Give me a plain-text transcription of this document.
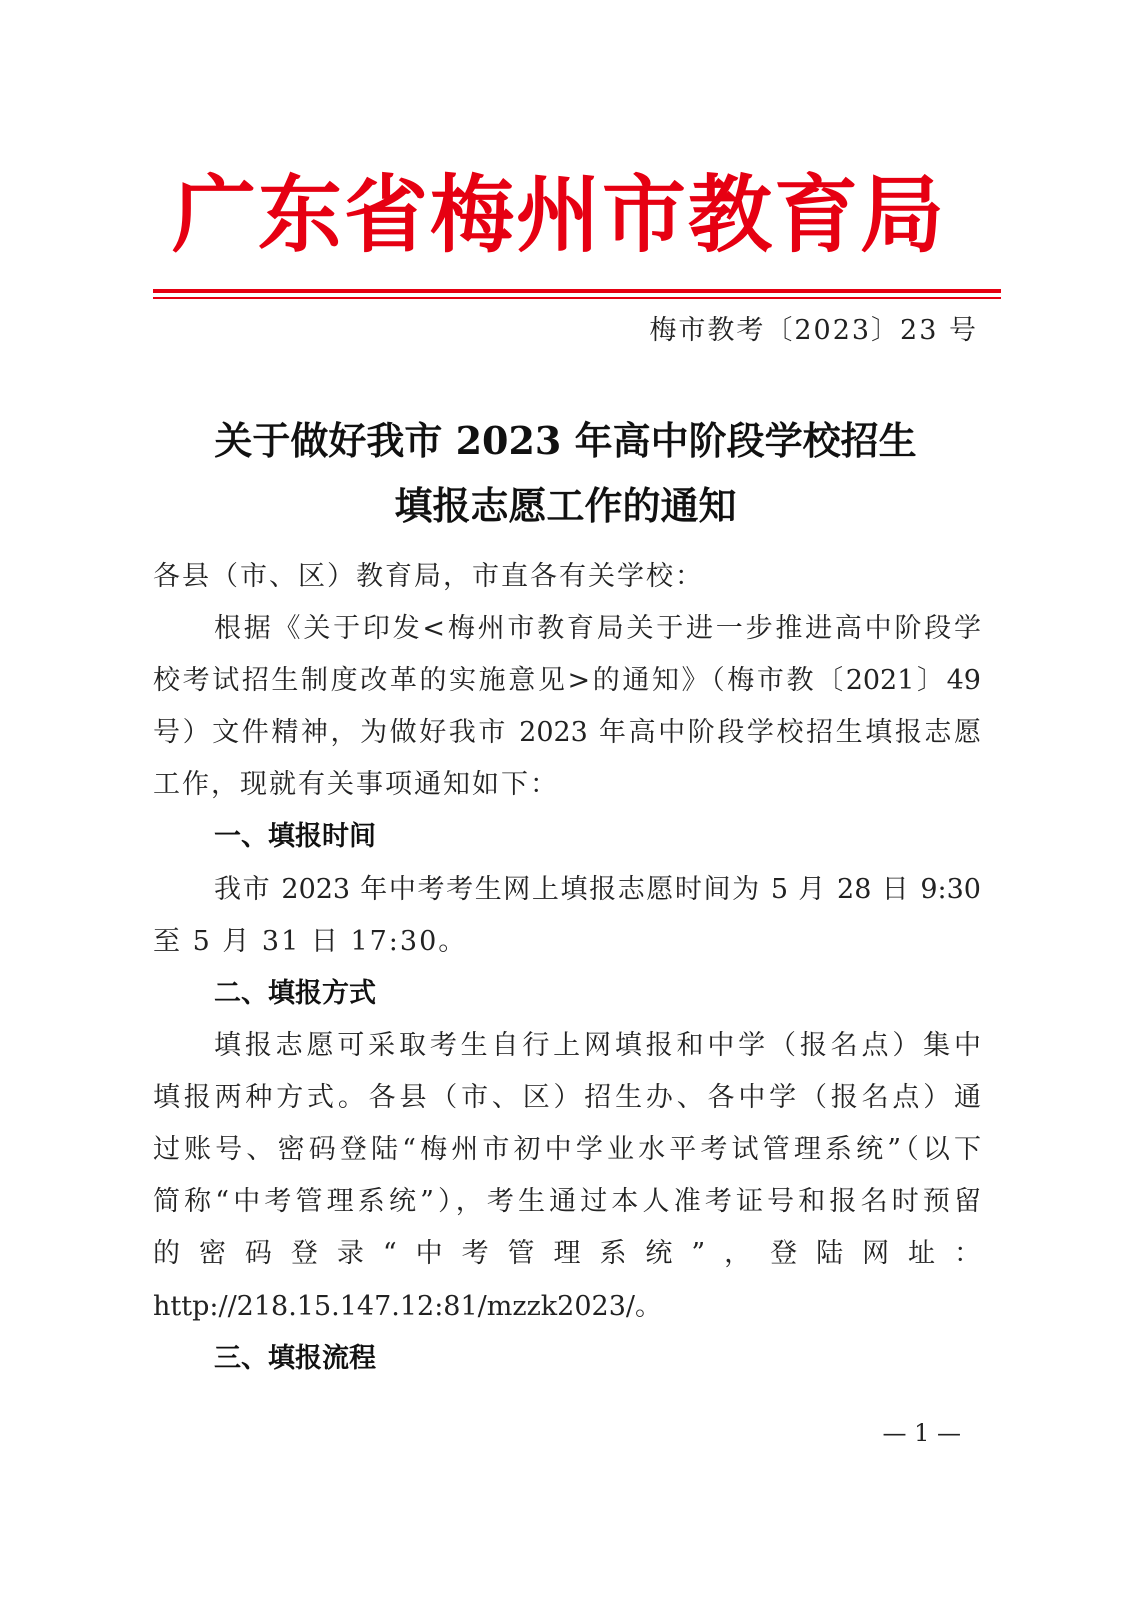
广东省梅州市教育局
梅市教考〔2023〕23 号
关于做好我市 2023 年高中阶段学校招生
填报志愿工作的通知
各县（市、区）教育局，市直各有关学校：
根据《关于印发<梅州市教育局关于进一步推进高中阶段学
校考试招生制度改革的实施意见>的通知》（梅市教〔2021〕49
号）文件精神，为做好我市 2023 年高中阶段学校招生填报志愿
工作，现就有关事项通知如下：
一、填报时间
我市 2023 年中考考生网上填报志愿时间为 5 月 28 日 9:30
至 5 月 31 日 17:30。
二、填报方式
填报志愿可采取考生自行上网填报和中学（报名点）集中
填报两种方式。各县（市、区）招生办、各中学（报名点）通
过账号、密码登陆“梅州市初中学业水平考试管理系统”（以下
简称“中考管理系统”），考生通过本人准考证号和报名时预留
的密码登录“中考管理系统”，登陆网址：
http://218.15.147.12:81/mzzk2023/。
三、填报流程
— 1 —
